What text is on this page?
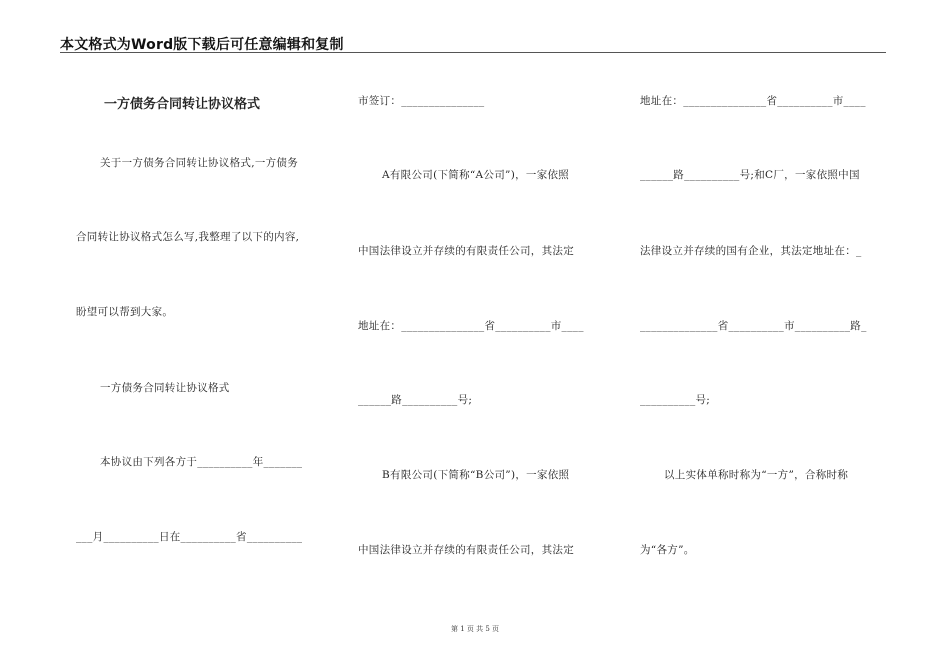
本文格式为Word版下载后可任意编辑和复制
一方债务合同转让协议格式
关于一方债务合同转让协议格式,一方债务
合同转让协议格式怎么写,我整理了以下的内容,
盼望可以帮到大家。
一方债务合同转让协议格式
本协议由下列各方于__________年_______
___月__________日在__________省__________
市签订：_______________
A有限公司(下简称“A公司”)，一家依照
中国法律设立并存续的有限责任公司，其法定
地址在：_______________省__________市____
______路__________号;
B有限公司(下简称“B公司”)，一家依照
中国法律设立并存续的有限责任公司，其法定
地址在：_______________省__________市____
______路__________号;和C厂，一家依照中国
法律设立并存续的国有企业，其法定地址在：_
______________省__________市__________路_
__________号;
以上实体单称时称为“一方”，合称时称
为“各方”。
第 1 页 共 5 页
